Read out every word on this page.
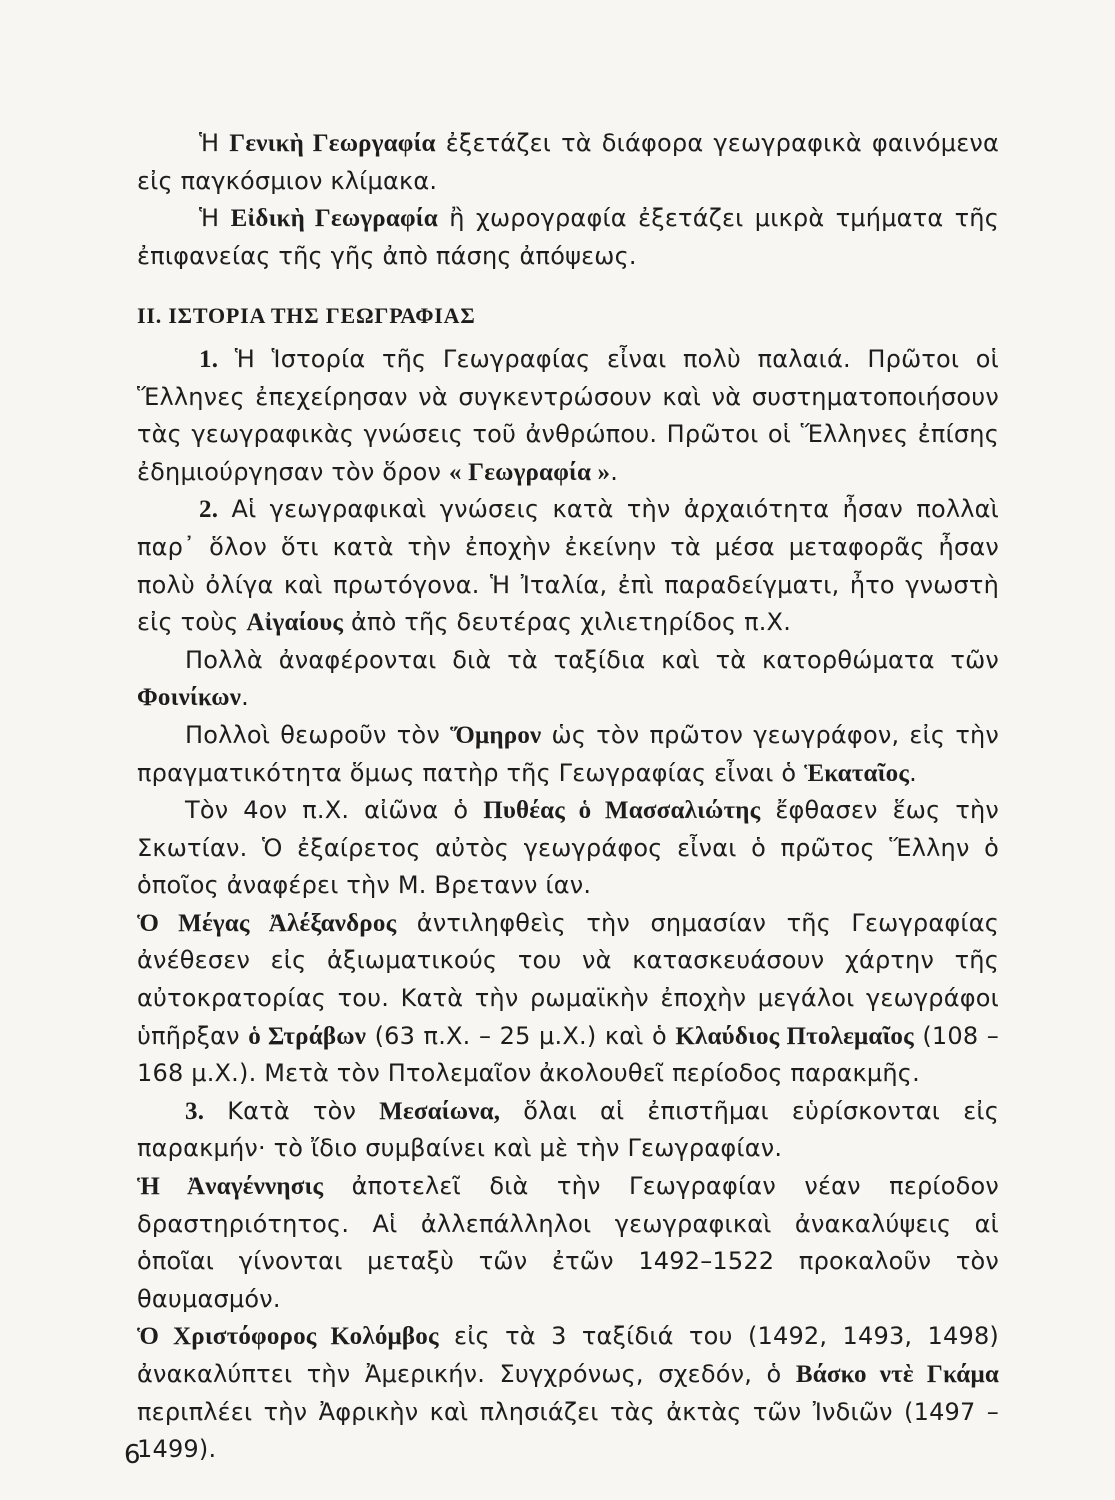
Ἡ Γενικὴ Γεωργαφία ἐξετάζει τὰ διάφορα γεωγραφικὰ φαινόμενα εἰς παγκόσμιον κλίμακα.

Ἡ Εἰδικὴ Γεωγραφία ἢ χωρογραφία ἐξετάζει μικρὰ τμήματα τῆς ἐπιφανείας τῆς γῆς ἀπὸ πάσης ἀπόψεως.

II. ΙΣΤΟΡΙΑ ΤΗΣ ΓΕΩΓΡΑΦΙΑΣ

1. Ἡ Ἱστορία τῆς Γεωγραφίας εἶναι πολὺ παλαιά. Πρῶτοι οἱ Ἕλληνες ἐπεχείρησαν νὰ συγκεντρώσουν καὶ νὰ συστηματοποιήσουν τὰς γεωγραφικὰς γνώσεις τοῦ ἀνθρώπου. Πρῶτοι οἱ Ἕλληνες ἐπίσης ἐδημιούργησαν τὸν ὅρον « Γεωγραφία ».

2. Αἱ γεωγραφικαὶ γνώσεις κατὰ τὴν ἀρχαιότητα ἦσαν πολλαὶ παρ᾽ ὅλον ὅτι κατὰ τὴν ἐποχὴν ἐκείνην τὰ μέσα μεταφορᾶς ἦσαν πολὺ ὀλίγα καὶ πρωτόγονα. Ἡ Ἰταλία, ἐπὶ παραδείγματι, ἦτο γνωστὴ εἰς τοὺς Αἰγαίους ἀπὸ τῆς δευτέρας χιλιετηρίδος π.Χ.

Πολλὰ ἀναφέρονται διὰ τὰ ταξίδια καὶ τὰ κατορθώματα τῶν Φοινίκων.

Πολλοὶ θεωροῦν τὸν Ὅμηρον ὡς τὸν πρῶτον γεωγράφον, εἰς τὴν πραγματικότητα ὅμως πατὴρ τῆς Γεωγραφίας εἶναι ὁ Ἑκαταῖος.

Τὸν 4ον π.Χ. αἰῶνα ὁ Πυθέας ὁ Μασσαλιώτης ἔφθασεν ἕως τὴν Σκωτίαν. Ὁ ἐξαίρετος αὐτὸς γεωγράφος εἶναι ὁ πρῶτος Ἕλλην ὁ ὁποῖος ἀναφέρει τὴν Μ. Βρετανν ίαν.

Ὁ Μέγας Ἀλέξανδρος ἀντιληφθεὶς τὴν σημασίαν τῆς Γεωγραφίας ἀνέθεσεν εἰς ἀξιωματικούς του νὰ κατασκευάσουν χάρτην τῆς αὐτοκρατορίας του. Κατὰ τὴν ρωμαϊκὴν ἐποχὴν μεγάλοι γεωγράφοι ὑπῆρξαν ὁ Στράβων (63 π.Χ. – 25 μ.Χ.) καὶ ὁ Κλαύδιος Πτολεμαῖος (108 – 168 μ.Χ.). Μετὰ τὸν Πτολεμαῖον ἀκολουθεῖ περίοδος παρακμῆς.

3. Κατὰ τὸν Μεσαίωνα, ὅλαι αἱ ἐπιστῆμαι εὑρίσκονται εἰς παρακμήν· τὸ ἴδιο συμβαίνει καὶ μὲ τὴν Γεωγραφίαν.

Ἡ Ἀναγέννησις ἀποτελεῖ διὰ τὴν Γεωγραφίαν νέαν περίοδον δραστηριότητος. Αἱ ἀλλεπάλληλοι γεωγραφικαὶ ἀνακαλύψεις αἱ ὁποῖαι γίνονται μεταξὺ τῶν ἐτῶν 1492–1522 προκαλοῦν τὸν θαυμασμόν.

Ὁ Χριστόφορος Κολόμβος εἰς τὰ 3 ταξίδιά του (1492, 1493, 1498) ἀνακαλύπτει τὴν Ἀμερικήν. Συγχρόνως, σχεδόν, ὁ Βάσκο ντὲ Γκάμα περιπλέει τὴν Ἀφρικὴν καὶ πλησιάζει τὰς ἀκτὰς τῶν Ἰνδιῶν (1497 – 1499).

6
